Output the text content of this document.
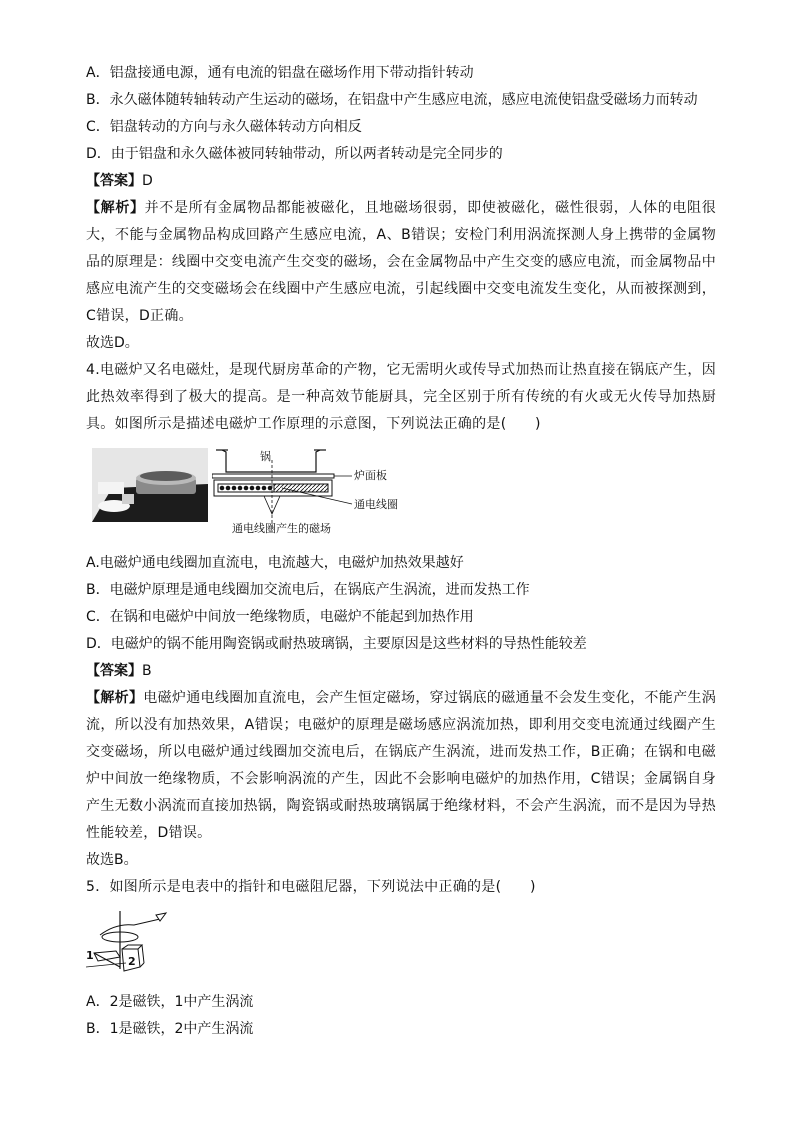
A．铝盘接通电源，通有电流的铝盘在磁场作用下带动指针转动
B．永久磁体随转轴转动产生运动的磁场，在铝盘中产生感应电流，感应电流使铝盘受磁场力而转动
C．铝盘转动的方向与永久磁体转动方向相反
D．由于铝盘和永久磁体被同转轴带动，所以两者转动是完全同步的
【答案】D
【解析】并不是所有金属物品都能被磁化，且地磁场很弱，即使被磁化，磁性很弱，人体的电阻很大，不能与金属物品构成回路产生感应电流，A、B错误；安检门利用涡流探测人身上携带的金属物品的原理是：线圈中交变电流产生交变的磁场，会在金属物品中产生交变的感应电流，而金属物品中感应电流产生的交变磁场会在线圈中产生感应电流，引起线圈中交变电流发生变化，从而被探测到，C错误，D正确。
故选D。
4.电磁炉又名电磁灶，是现代厨房革命的产物，它无需明火或传导式加热而让热直接在锅底产生，因此热效率得到了极大的提高。是一种高效节能厨具，完全区别于所有传统的有火或无火传导加热厨具。如图所示是描述电磁炉工作原理的示意图，下列说法正确的是(　　)
锅
炉面板
通电线圈
通电线圈产生的磁场
A.电磁炉通电线圈加直流电，电流越大，电磁炉加热效果越好
B．电磁炉原理是通电线圈加交流电后，在锅底产生涡流，进而发热工作
C．在锅和电磁炉中间放一绝缘物质，电磁炉不能起到加热作用
D．电磁炉的锅不能用陶瓷锅或耐热玻璃锅，主要原因是这些材料的导热性能较差
【答案】B
【解析】电磁炉通电线圈加直流电，会产生恒定磁场，穿过锅底的磁通量不会发生变化，不能产生涡流，所以没有加热效果，A错误；电磁炉的原理是磁场感应涡流加热，即利用交变电流通过线圈产生交变磁场，所以电磁炉通过线圈加交流电后，在锅底产生涡流，进而发热工作，B正确；在锅和电磁炉中间放一绝缘物质，不会影响涡流的产生，因此不会影响电磁炉的加热作用，C错误；金属锅自身产生无数小涡流而直接加热锅，陶瓷锅或耐热玻璃锅属于绝缘材料，不会产生涡流，而不是因为导热性能较差，D错误。
故选B。
5．如图所示是电表中的指针和电磁阻尼器，下列说法中正确的是(　　)
1	2
A．2是磁铁，1中产生涡流
B．1是磁铁，2中产生涡流
